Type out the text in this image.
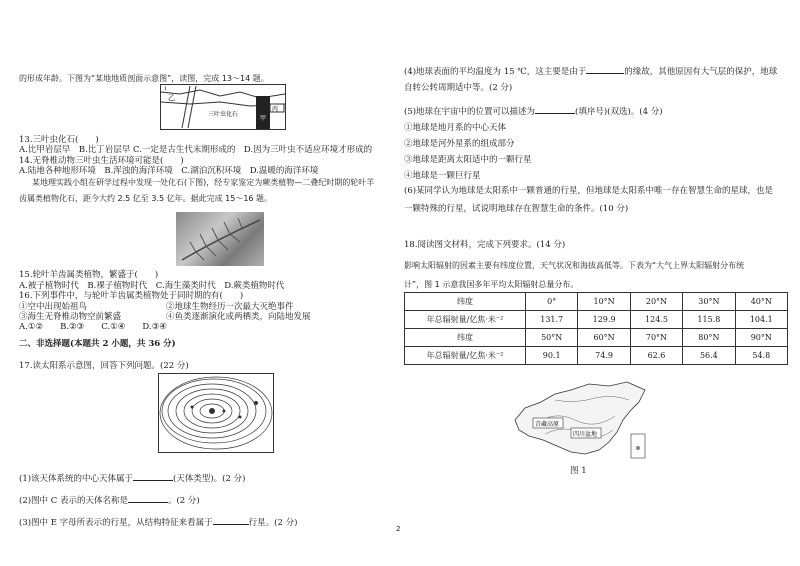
的形成年龄。下图为“某地地质剖面示意图”，读图，完成 13～14 题。
三叶虫化石
乙
丙
甲
1
13.三叶虫化石(　　)
A.比甲岩层早　B.比丁岩层早 C.一定是古生代末期形成的　D.因为三叶虫不适应环境才形成的
14.无脊椎动物三叶虫生活环境可能是(　　)
A.陆地各种地形环境　B.浑浊的海洋环境　C.湖泊沉积环境　D.温暖的海洋环境
某地理实践小组在研学过程中发现一处化石(下图)，经专家鉴定为蕨类植物—二叠纪时期的轮叶羊
齿属类植物化石，距今大约 2.5 亿至 3.5 亿年。据此完成 15～16 题。
15.轮叶羊齿属类植物，繁盛于(　　)
A.被子植物时代　B.裸子植物时代　C.海生藻类时代　D.蕨类植物时代
16.下列事件中，与轮叶羊齿属类植物处于同时期的有(　　)
①空中出现始祖鸟	②地球生物经历一次最大灭绝事件
③海生无脊椎动物空前繁盛	④鱼类逐渐演化成两栖类，向陆地发展
A.①②　　B.②③　　C.①④　　D.③④
二、非选择题(本题共 2 小题，共 36 分)
17.读太阳系示意图，回答下列问题。(22 分)
(1)该天体系统的中心天体属于	(天体类型)。(2 分)
(2)图中 C 表示的天体名称是	。(2 分)
(3)图中 E 字母所表示的行星，从结构特征来看属于	行星。(2 分)
(4)地球表面的平均温度为 15 ℃，这主要是由于	的缘故，其他原因有大气层的保护，地球
自转公转周期适中等。(2 分)
(5)地球在宇宙中的位置可以描述为	(填序号)(双选)。(4 分)
①地球是地月系的中心天体
②地球是河外星系的组成部分
③地球是距离太阳适中的一颗行星
④地球是一颗巨行星
(6)某同学认为地球是太阳系中一颗普通的行星，但地球是太阳系中唯一存在智慧生命的星球，也是
一颗特殊的行星，试说明地球存在智慧生命的条件。(10 分)
18.阅读图文材料，完成下列要求。(14 分)
影响太阳辐射的因素主要有纬度位置，天气状况和海拔高低等。下表为“大气上界太阳辐射分布统
计”，图 1 示意我国多年平均太阳辐射总量分布。
纬度	0°	10°N	20°N	30°N	40°N
年总辐射量/亿焦·米⁻²	131.7	129.9	124.5	115.8	104.1
纬度	50°N	60°N	70°N	80°N	90°N
年总辐射量/亿焦·米⁻²	90.1	74.9	62.6	56.4	54.8
青藏高原
四川盆地
图 1
2
